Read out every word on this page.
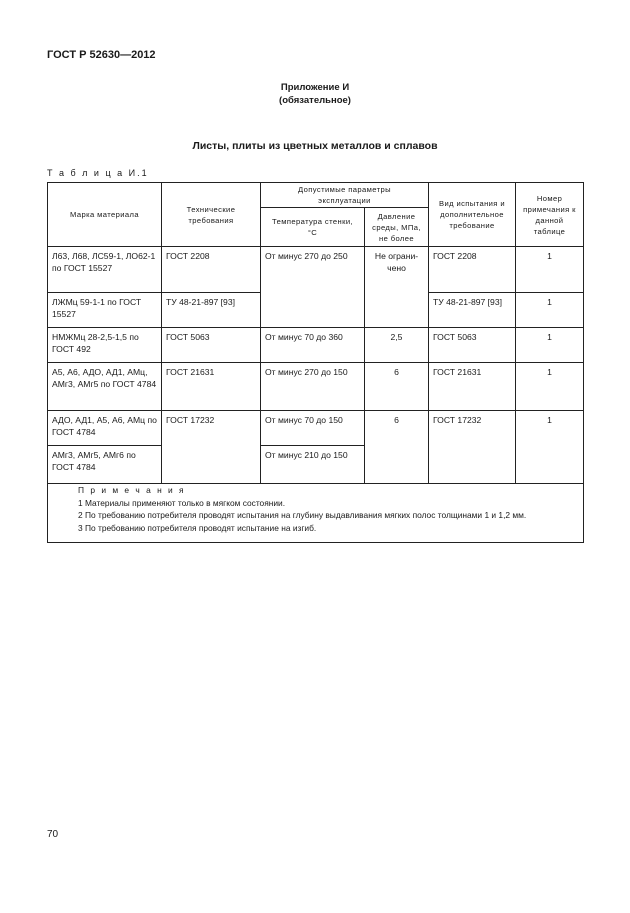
ГОСТ Р 52630—2012
Приложение И
(обязательное)
Листы, плиты из цветных металлов и сплавов
Т а б л и ц а И.1
Марка материала	Технические требования	Допустимые параметры эксплуатации		Вид испытания и дополнительное требование	Номер примечания к данной таблице
		Температура стенки, °С	Давление среды, МПа, не более		

Л63, Л68, ЛС59-1, ЛО62-1 по ГОСТ 15527	ГОСТ 2208	От минус 270 до 250	Не ограни-чено	ГОСТ 2208	1

ЛЖМц 59-1-1 по ГОСТ 15527	ТУ 48-21-897 [93]			ТУ 48-21-897 [93]	1

НМЖМц 28-2,5-1,5 по ГОСТ 492	ГОСТ 5063	От минус 70 до 360	2,5	ГОСТ 5063	1

А5, А6, АДО, АД1, АМц, АМг3, АМг5 по ГОСТ 4784	ГОСТ 21631	От минус 270 до 150	6	ГОСТ 21631	1

АДО, АД1, А5, А6, АМц по ГОСТ 4784	ГОСТ 17232	От минус 70 до 150	6	ГОСТ 17232	1

АМг3, АМг5, АМг6 по ГОСТ 4784		От минус 210 до 150			

П р и м е ч а н и я
1 Материалы применяют только в мягком состоянии.
2 По требованию потребителя проводят испытания на глубину выдавливания мягких полос толщинами 1 и 1,2 мм.
3 По требованию потребителя проводят испытание на изгиб.					
70
